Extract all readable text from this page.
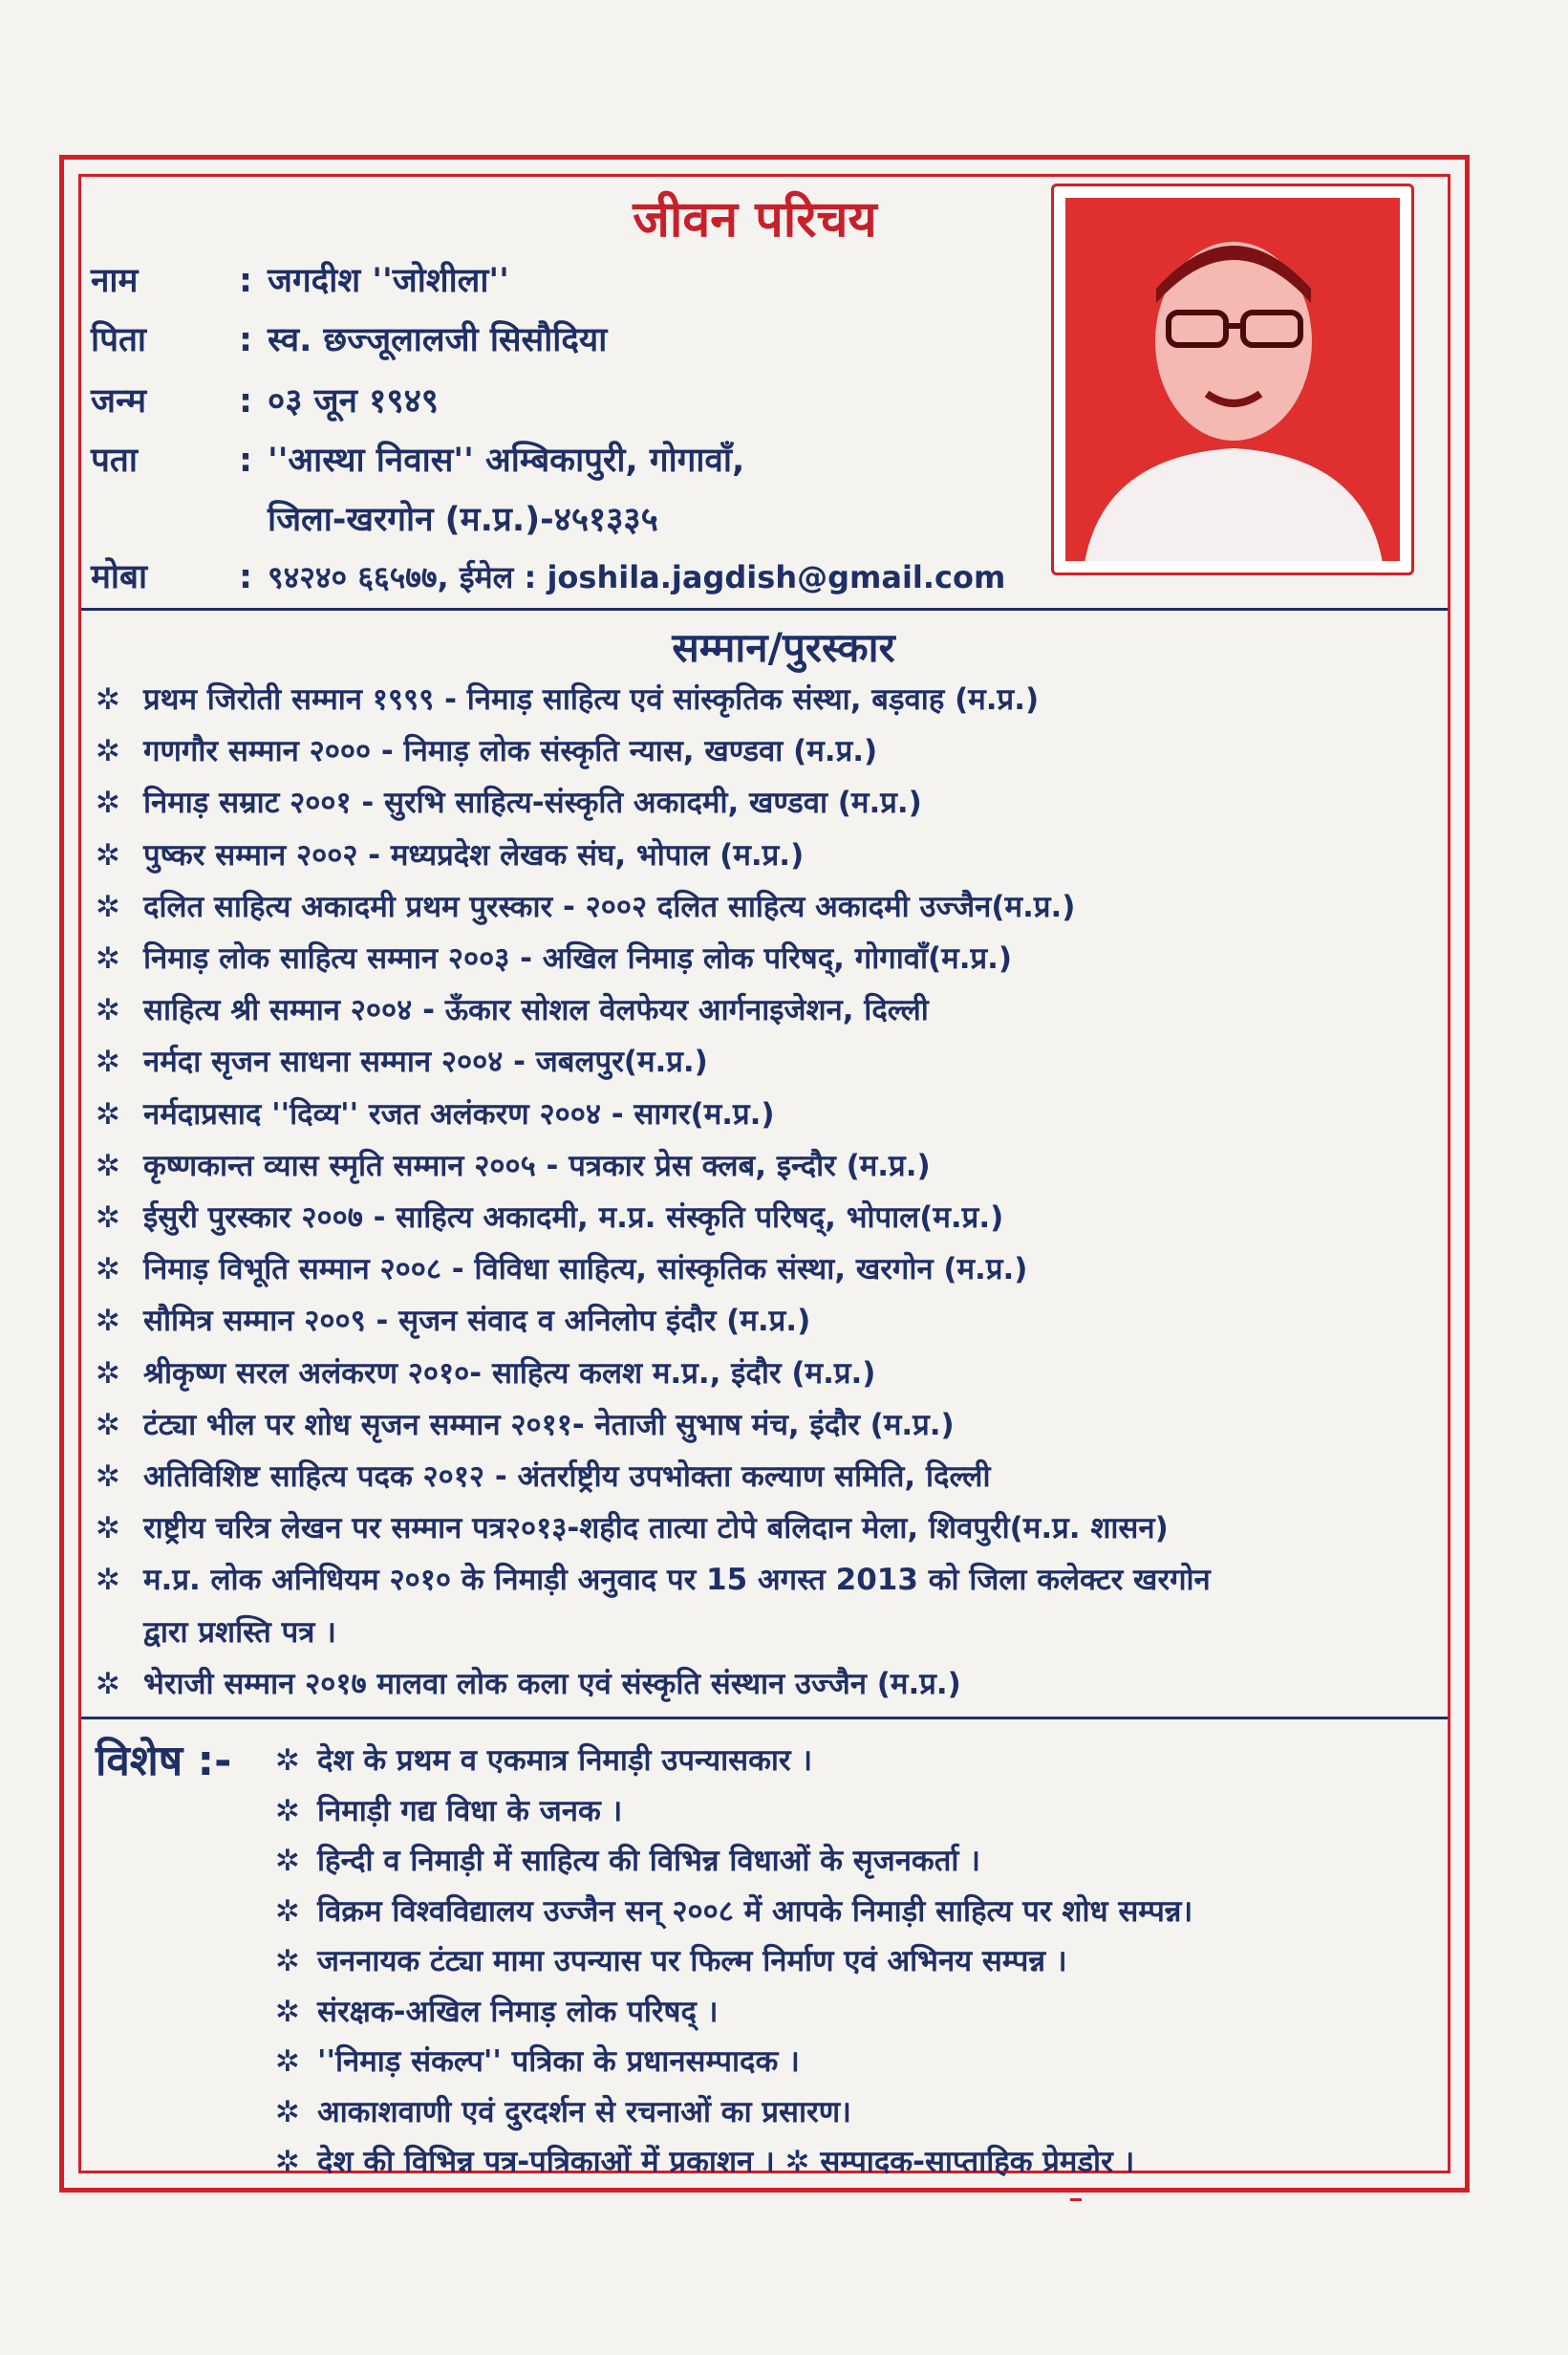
जीवन परिचय
नाम	: जगदीश ''जोशीला''
पिता	: स्व. छज्जूलालजी सिसौदिया
जन्म	: ०३ जून १९४९
पता	: ''आस्था निवास'' अम्बिकापुरी, गोगावाँ,
जिला-खरगोन (म.प्र.)-४५१३३५
मोबा	: ९४२४० ६६५७७, ईमेल : joshila.jagdish@gmail.com
सम्मान/पुरस्कार
✲ प्रथम जिरोती सम्मान १९९९ - निमाड़ साहित्य एवं सांस्कृतिक संस्था, बड़वाह (म.प्र.)
✲ गणगौर सम्मान २००० - निमाड़ लोक संस्कृति न्यास, खण्डवा (म.प्र.)
✲ निमाड़ सम्राट २००१ - सुरभि साहित्य-संस्कृति अकादमी, खण्डवा (म.प्र.)
✲ पुष्कर सम्मान २००२ - मध्यप्रदेश लेखक संघ, भोपाल (म.प्र.)
✲ दलित साहित्य अकादमी प्रथम पुरस्कार - २००२ दलित साहित्य अकादमी उज्जैन(म.प्र.)
✲ निमाड़ लोक साहित्य सम्मान २००३ - अखिल निमाड़ लोक परिषद्, गोगावाँ(म.प्र.)
✲ साहित्य श्री सम्मान २००४ - ऊँकार सोशल वेलफेयर आर्गनाइजेशन, दिल्ली
✲ नर्मदा सृजन साधना सम्मान २००४ - जबलपुर(म.प्र.)
✲ नर्मदाप्रसाद ''दिव्य'' रजत अलंकरण २००४ - सागर(म.प्र.)
✲ कृष्णकान्त व्यास स्मृति सम्मान २००५ - पत्रकार प्रेस क्लब, इन्दौर (म.प्र.)
✲ ईसुरी पुरस्कार २००७ - साहित्य अकादमी, म.प्र. संस्कृति परिषद्, भोपाल(म.प्र.)
✲ निमाड़ विभूति सम्मान २००८ - विविधा साहित्य, सांस्कृतिक संस्था, खरगोन (म.प्र.)
✲ सौमित्र सम्मान २००९ - सृजन संवाद व अनिलोप इंदौर (म.प्र.)
✲ श्रीकृष्ण सरल अलंकरण २०१०- साहित्य कलश म.प्र., इंदौर (म.प्र.)
✲ टंट्या भील पर शोध सृजन सम्मान २०११- नेताजी सुभाष मंच, इंदौर (म.प्र.)
✲ अतिविशिष्ट साहित्य पदक २०१२ - अंतर्राष्ट्रीय उपभोक्ता कल्याण समिति, दिल्ली
✲ राष्ट्रीय चरित्र लेखन पर सम्मान पत्र२०१३-शहीद तात्या टोपे बलिदान मेला, शिवपुरी(म.प्र. शासन)
✲ म.प्र. लोक अनिधियम २०१० के निमाड़ी अनुवाद पर 15 अगस्त 2013 को जिला कलेक्टर खरगोन
द्वारा प्रशस्ति पत्र ।
✲ भेराजी सम्मान २०१७ मालवा लोक कला एवं संस्कृति संस्थान उज्जैन (म.प्र.)
विशेष :- ✲ देश के प्रथम व एकमात्र निमाड़ी उपन्यासकार ।
✲ निमाड़ी गद्य विधा के जनक ।
✲ हिन्दी व निमाड़ी में साहित्य की विभिन्न विधाओं के सृजनकर्ता ।
✲ विक्रम विश्वविद्यालय उज्जैन सन् २००८ में आपके निमाड़ी साहित्य पर शोध सम्पन्न।
✲ जननायक टंट्या मामा उपन्यास पर फिल्म निर्माण एवं अभिनय सम्पन्न ।
✲ संरक्षक-अखिल निमाड़ लोक परिषद् ।
✲ ''निमाड़ संकल्प'' पत्रिका के प्रधानसम्पादक ।
✲ आकाशवाणी एवं दुरदर्शन से रचनाओं का प्रसारण।
✲ देश की विभिन्न पत्र-पत्रिकाओं में प्रकाशन । ✲ सम्पादक-साप्ताहिक प्रेमडोर ।
